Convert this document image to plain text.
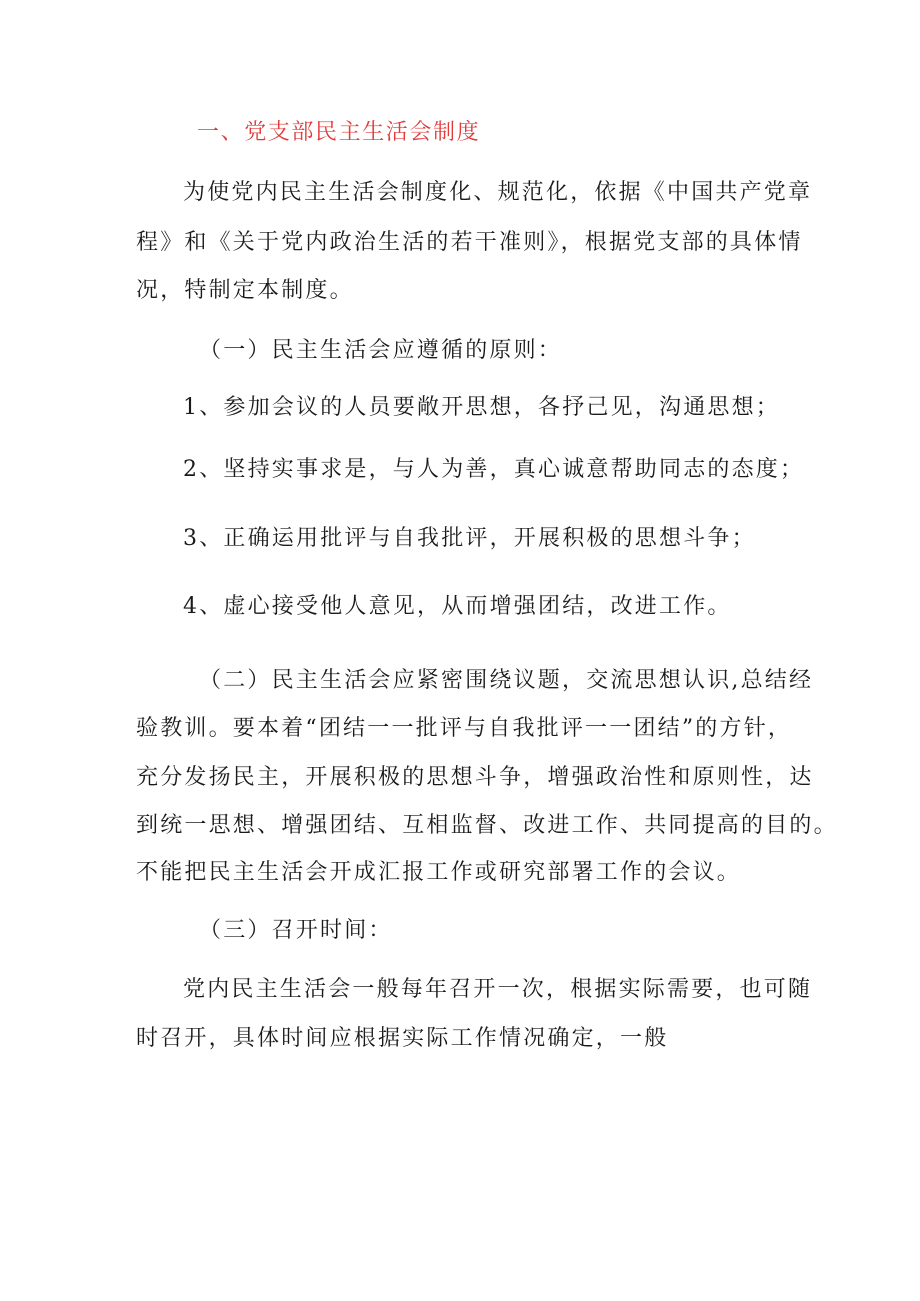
一、党支部民主生活会制度
为使党内民主生活会制度化、规范化，依据《中国共产党章
程》和《关于党内政治生活的若干准则》，根据党支部的具体情
况，特制定本制度。
（一）民主生活会应遵循的原则：
1、参加会议的人员要敞开思想，各抒己见，沟通思想；
2、坚持实事求是，与人为善，真心诚意帮助同志的态度；
3、正确运用批评与自我批评，开展积极的思想斗争；
4、虚心接受他人意见，从而增强团结，改进工作。
（二）民主生活会应紧密围绕议题，交流思想认识,总结经
验教训。要本着“团结一一批评与自我批评一一团结”的方针，
充分发扬民主，开展积极的思想斗争，增强政治性和原则性，达
到统一思想、增强团结、互相监督、改进工作、共同提高的目的。
不能把民主生活会开成汇报工作或研究部署工作的会议。
（三）召开时间：
党内民主生活会一般每年召开一次，根据实际需要，也可随
时召开，具体时间应根据实际工作情况确定，一般
